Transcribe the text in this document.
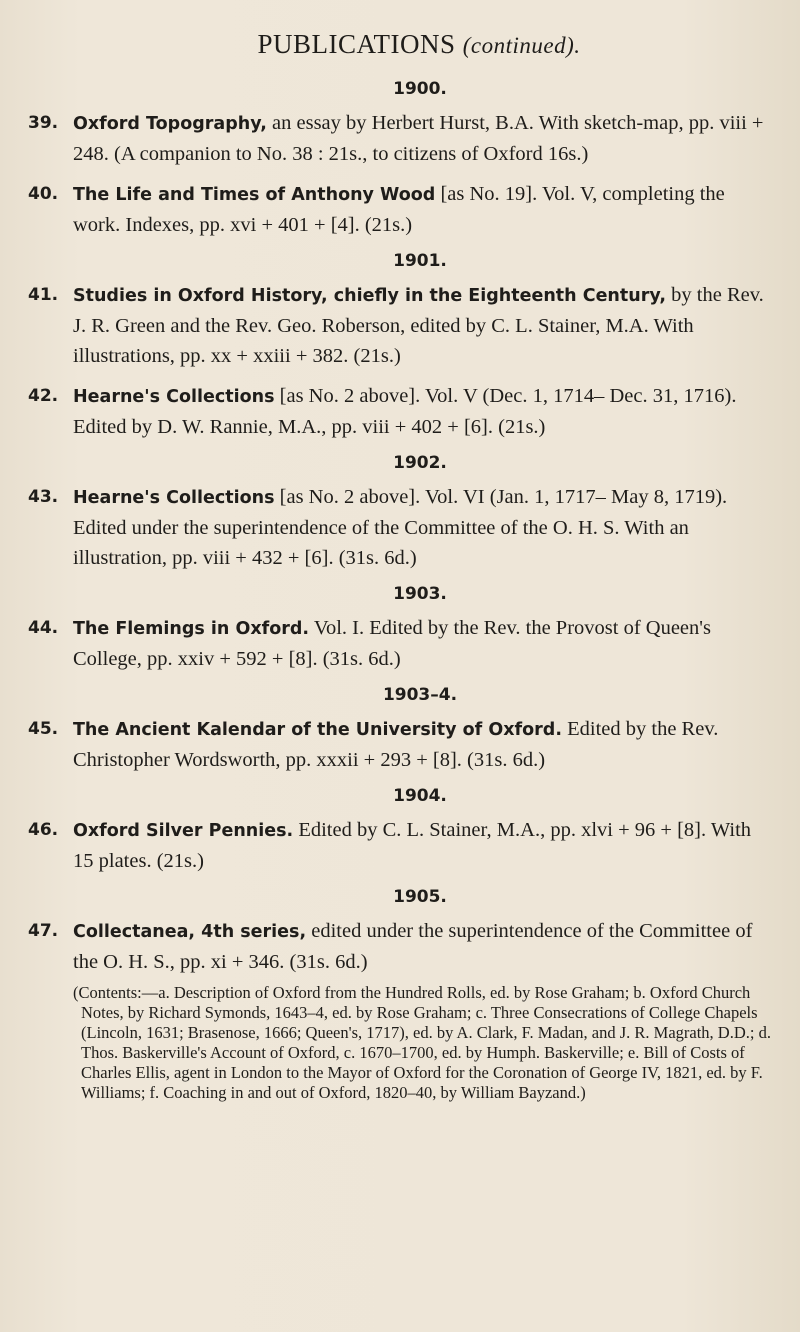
PUBLICATIONS (continued).
1900.
39. Oxford Topography, an essay by Herbert Hurst, B.A. With sketch-map, pp. viii + 248. (A companion to No. 38 : 21s., to citizens of Oxford 16s.)
40. The Life and Times of Anthony Wood [as No. 19]. Vol. V, completing the work. Indexes, pp. xvi + 401 + [4]. (21s.)
1901.
41. Studies in Oxford History, chiefly in the Eighteenth Century, by the Rev. J. R. Green and the Rev. Geo. Roberson, edited by C. L. Stainer, M.A. With illustrations, pp. xx + xxiii + 382. (21s.)
42. Hearne's Collections [as No. 2 above]. Vol. V (Dec. 1, 1714– Dec. 31, 1716). Edited by D. W. Rannie, M.A., pp. viii + 402 + [6]. (21s.)
1902.
43. Hearne's Collections [as No. 2 above]. Vol. VI (Jan. 1, 1717– May 8, 1719). Edited under the superintendence of the Committee of the O. H. S. With an illustration, pp. viii + 432 + [6]. (31s. 6d.)
1903.
44. The Flemings in Oxford. Vol. I. Edited by the Rev. the Provost of Queen's College, pp. xxiv + 592 + [8]. (31s. 6d.)
1903–4.
45. The Ancient Kalendar of the University of Oxford. Edited by the Rev. Christopher Wordsworth, pp. xxxii + 293 + [8]. (31s. 6d.)
1904.
46. Oxford Silver Pennies. Edited by C. L. Stainer, M.A., pp. xlvi + 96 + [8]. With 15 plates. (21s.)
1905.
47. Collectanea, 4th series, edited under the superintendence of the Committee of the O. H. S., pp. xi + 346. (31s. 6d.)

(Contents:—a. Description of Oxford from the Hundred Rolls, ed. by Rose Graham; b. Oxford Church Notes, by Richard Symonds, 1643–4, ed. by Rose Graham; c. Three Consecrations of College Chapels (Lincoln, 1631; Brasenose, 1666; Queen's, 1717), ed. by A. Clark, F. Madan, and J. R. Magrath, D.D.; d. Thos. Baskerville's Account of Oxford, c. 1670–1700, ed. by Humph. Baskerville; e. Bill of Costs of Charles Ellis, agent in London to the Mayor of Oxford for the Coronation of George IV, 1821, ed. by F. Williams; f. Coaching in and out of Oxford, 1820–40, by William Bayzand.)
